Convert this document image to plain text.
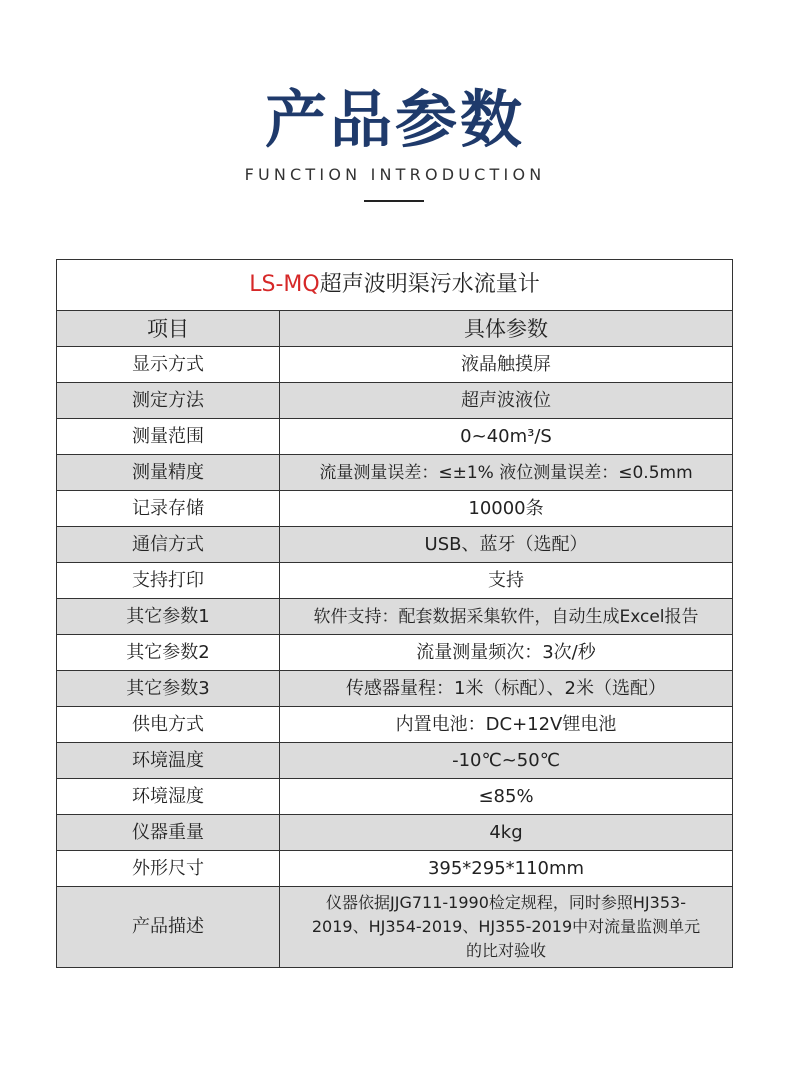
产品参数
FUNCTION INTRODUCTION
LS-MQ超声波明渠污水流量计	
项目	具体参数
显示方式	液晶触摸屏
测定方法	超声波液位
测量范围	0~40m³/S
测量精度	流量测量误差：≤±1% 液位测量误差：≤0.5mm
记录存储	10000条
通信方式	USB、蓝牙（选配）
支持打印	支持
其它参数1	软件支持：配套数据采集软件，自动生成Excel报告
其它参数2	流量测量频次：3次/秒
其它参数3	传感器量程：1米（标配）、2米（选配）
供电方式	内置电池：DC+12V锂电池
环境温度	-10℃~50℃
环境湿度	≤85%
仪器重量	4kg
外形尺寸	395*295*110mm
产品描述	仪器依据JJG711-1990检定规程，同时参照HJ353-2019、HJ354-2019、HJ355-2019中对流量监测单元的比对验收
